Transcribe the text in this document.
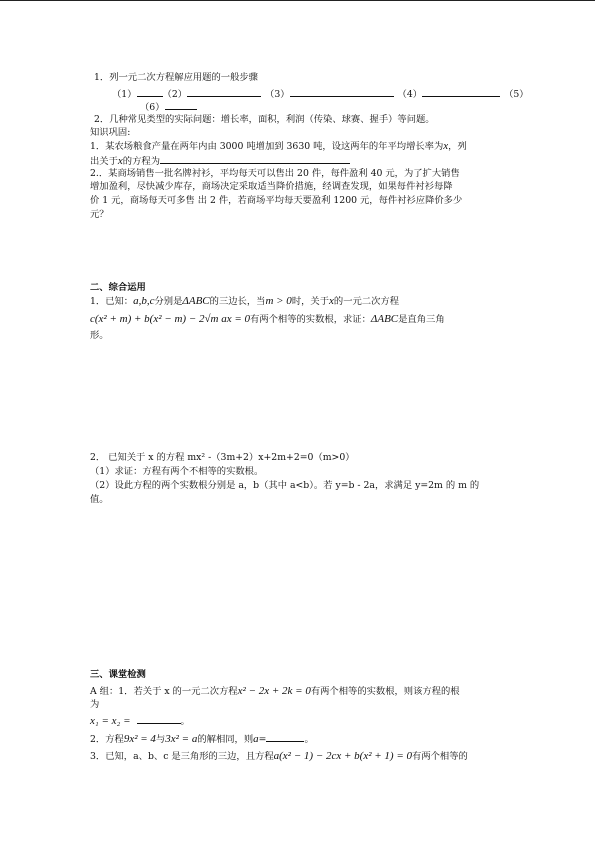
1．列一元二次方程解应用题的一般步骤
（1）	（2）	（3）	（4）	（5）
（6）
2．几种常见类型的实际问题：增长率，面积，利润（传染、球赛、握手）等问题。
知识巩固:
1．某农场粮食产量在两年内由 3000 吨增加到 3630 吨，设这两年的年平均增长率为x，列
出关于x的方程为
2.．某商场销售一批名牌衬衫，平均每天可以售出 20 件，每件盈利 40 元，为了扩大销售
增加盈利，尽快减少库存，商场决定采取适当降价措施，经调查发现，如果每件衬衫每降
价 1 元，商场每天可多售 出 2 件，若商场平均每天要盈利 1200 元，每件衬衫应降价多少
元？
二、综合运用
1．已知：a,b,c分别是ΔABC的三边长，当m > 0时，关于x的一元二次方程
c(x² + m) + b(x² − m) − 2√m ax = 0有两个相等的实数根，求证：ΔABC是直角三角
形。
2． 已知关于 x 的方程 mx² -（3m+2）x+2m+2=0（m>0）
（1）求证：方程有两个不相等的实数根。
（2）设此方程的两个实数根分别是 a，b（其中 a<b）。若 y=b - 2a，求满足 y=2m 的 m 的
值。
三、课堂检测
A 组：1．若关于 x 的一元二次方程x² − 2x + 2k = 0有两个相等的实数根，则该方程的根
为
x₁ = x₂ =	。
2．方程9x² = 4与3x² = a的解相同，则a=	。
3．已知，a、b、c 是三角形的三边，且方程a(x² − 1) − 2cx + b(x² + 1) = 0有两个相等的
